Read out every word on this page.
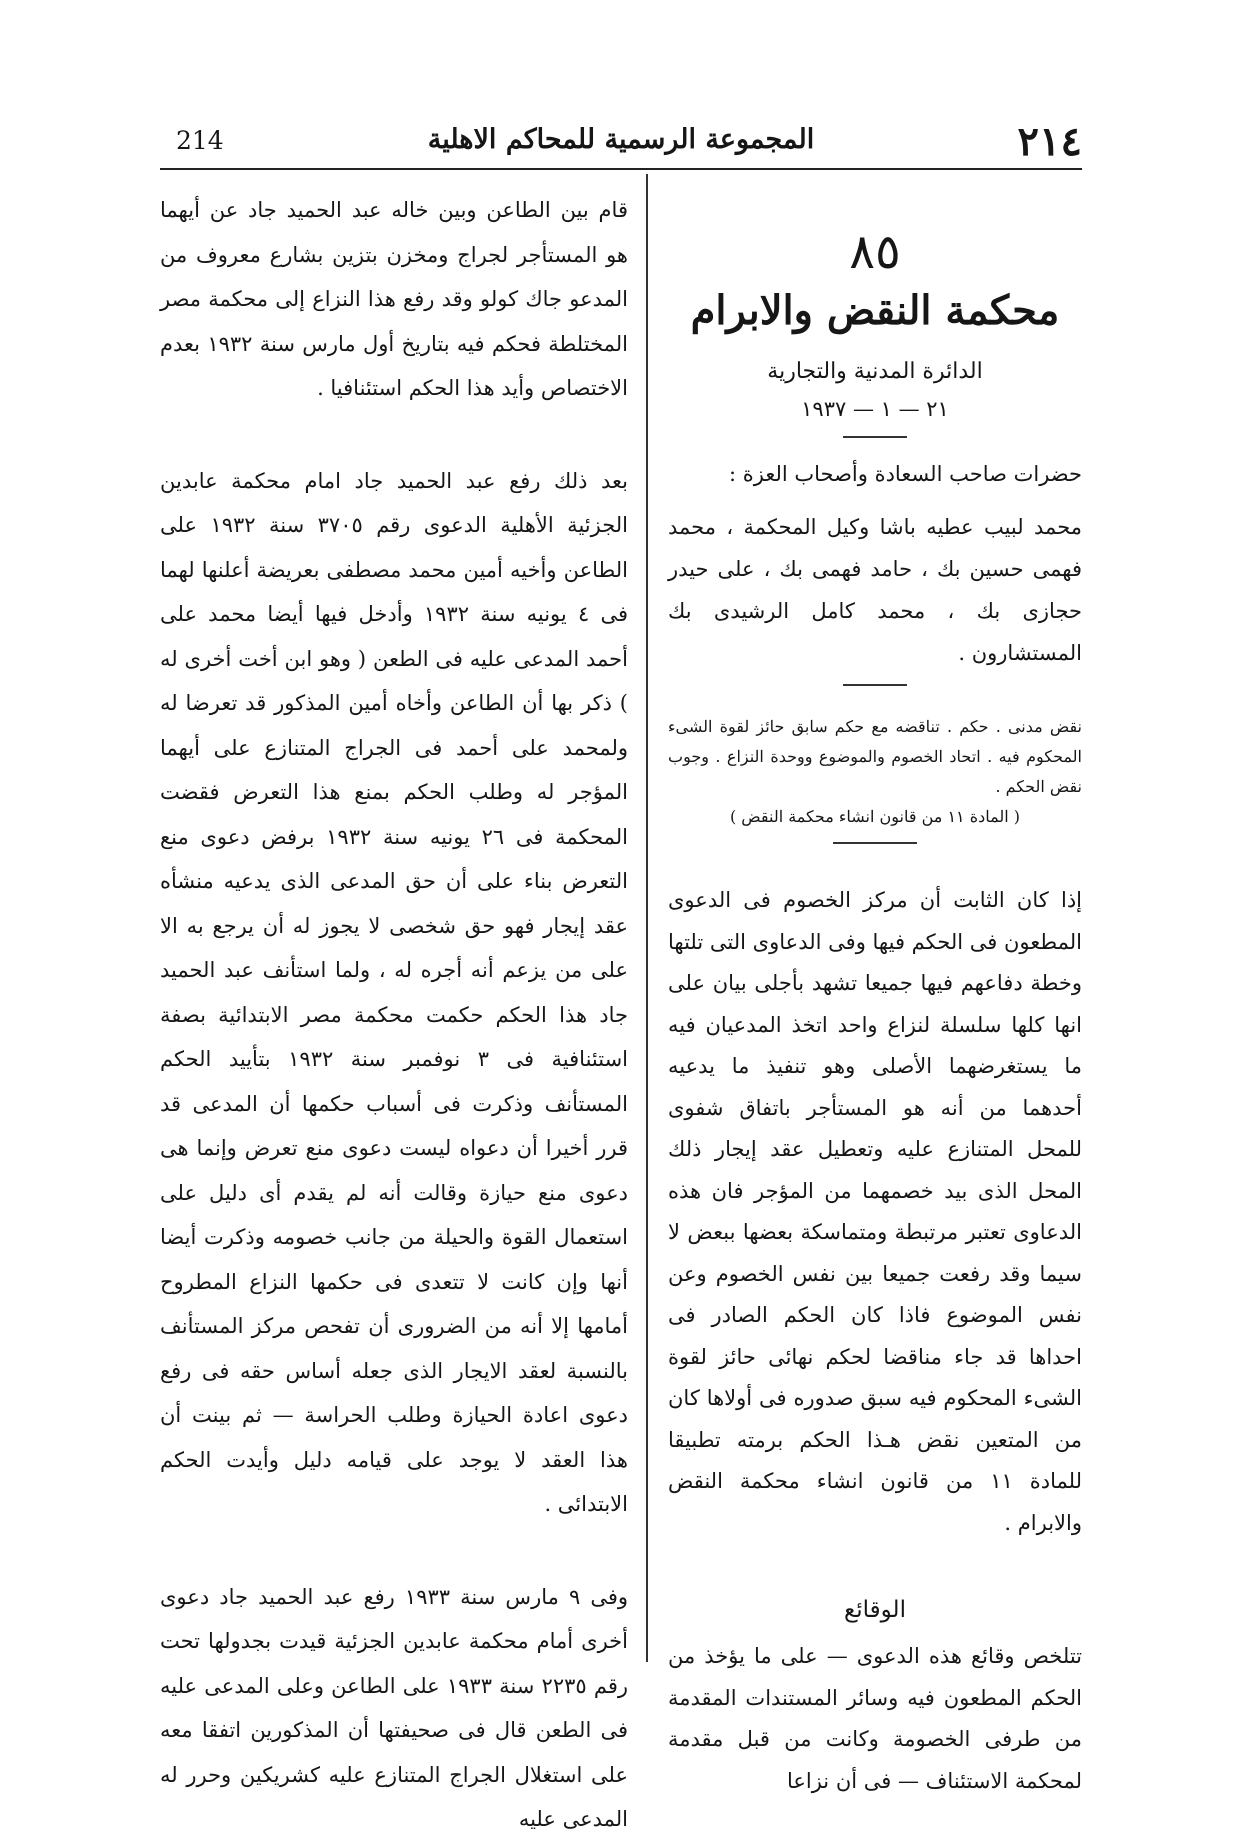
٢١٤
المجموعة الرسمية للمحاكم الاهلية
214
٨٥
محكمة النقض والابرام
الدائرة المدنية والتجارية
٢١ — ١ — ١٩٣٧
حضرات صاحب السعادة وأصحاب العزة :
محمد لبيب عطيه باشا وكيل المحكمة ، محمد فهمى حسين بك ، حامد فهمى بك ، على حيدر حجازى بك ، محمد كامل الرشيدى بك المستشارون .
نقض مدنى . حكم . تناقضه مع حكم سابق حائز لقوة الشىء المحكوم فيه . اتحاد الخصوم والموضوع ووحدة النزاع . وجوب نقض الحكم .
( المادة ١١ من قانون انشاء محكمة النقض )
إذا كان الثابت أن مركز الخصوم فى الدعوى المطعون فى الحكم فيها وفى الدعاوى التى تلتها وخطة دفاعهم فيها جميعا تشهد بأجلى بيان على انها كلها سلسلة لنزاع واحد اتخذ المدعيان فيه ما يستغرضهما الأصلى وهو تنفيذ ما يدعيه أحدهما من أنه هو المستأجر باتفاق شفوى للمحل المتنازع عليه وتعطيل عقد إيجار ذلك المحل الذى بيد خصمهما من المؤجر فان هذه الدعاوى تعتبر مرتبطة ومتماسكة بعضها ببعض لا سيما وقد رفعت جميعا بين نفس الخصوم وعن نفس الموضوع فاذا كان الحكم الصادر فى احداها قد جاء مناقضا لحكم نهائى حائز لقوة الشىء المحكوم فيه سبق صدوره فى أولاها كان من المتعين نقض هـذا الحكم برمته تطبيقا للمادة ١١ من قانون انشاء محكمة النقض والابرام .
الوقائع
تتلخص وقائع هذه الدعوى — على ما يؤخذ من الحكم المطعون فيه وسائر المستندات المقدمة من طرفى الخصومة وكانت من قبل مقدمة لمحكمة الاستئناف — فى أن نزاعا

قام بين الطاعن وبين خاله عبد الحميد جاد عن أيهما هو المستأجر لجراج ومخزن بتزين بشارع معروف من المدعو جاك كولو وقد رفع هذا النزاع إلى محكمة مصر المختلطة فحكم فيه بتاريخ أول مارس سنة ١٩٣٢ بعدم الاختصاص وأيد هذا الحكم استئنافيا .

بعد ذلك رفع عبد الحميد جاد امام محكمة عابدين الجزئية الأهلية الدعوى رقم ٣٧٠٥ سنة ١٩٣٢ على الطاعن وأخيه أمين محمد مصطفى بعريضة أعلنها لهما فى ٤ يونيه سنة ١٩٣٢ وأدخل فيها أيضا محمد على أحمد المدعى عليه فى الطعن ( وهو ابن أخت أخرى له ) ذكر بها أن الطاعن وأخاه أمين المذكور قد تعرضا له ولمحمد على أحمد فى الجراج المتنازع على أيهما المؤجر له وطلب الحكم بمنع هذا التعرض فقضت المحكمة فى ٢٦ يونيه سنة ١٩٣٢ برفض دعوى منع التعرض بناء على أن حق المدعى الذى يدعيه منشأه عقد إيجار فهو حق شخصى لا يجوز له أن يرجع به الا على من يزعم أنه أجره له ، ولما استأنف عبد الحميد جاد هذا الحكم حكمت محكمة مصر الابتدائية بصفة استئنافية فى ٣ نوفمبر سنة ١٩٣٢ بتأييد الحكم المستأنف وذكرت فى أسباب حكمها أن المدعى قد قرر أخيرا أن دعواه ليست دعوى منع تعرض وإنما هى دعوى منع حيازة وقالت أنه لم يقدم أى دليل على استعمال القوة والحيلة من جانب خصومه وذكرت أيضا أنها وإن كانت لا تتعدى فى حكمها النزاع المطروح أمامها إلا أنه من الضرورى أن تفحص مركز المستأنف بالنسبة لعقد الايجار الذى جعله أساس حقه فى رفع دعوى اعادة الحيازة وطلب الحراسة — ثم بينت أن هذا العقد لا يوجد على قيامه دليل وأيدت الحكم الابتدائى .

وفى ٩ مارس سنة ١٩٣٣ رفع عبد الحميد جاد دعوى أخرى أمام محكمة عابدين الجزئية قيدت بجدولها تحت رقم ٢٢٣٥ سنة ١٩٣٣ على الطاعن وعلى المدعى عليه فى الطعن قال فى صحيفتها أن المذكورين اتفقا معه على استغلال الجراج المتنازع عليه كشريكين وحرر له المدعى عليه
